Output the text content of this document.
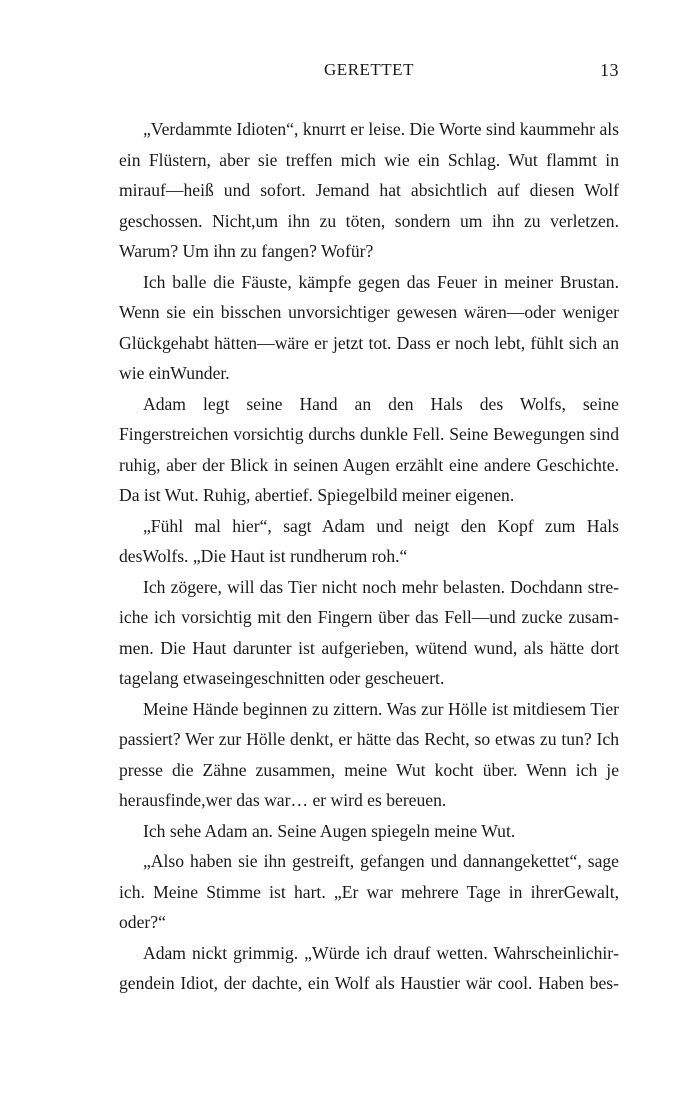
GERETTET	13

„Verdammte Idioten“, knurrt er leise. Die Worte sind kaummehr als ein Flüstern, aber sie treffen mich wie ein Schlag. Wut flammt in mirauf—heiß und sofort. Jemand hat absichtlich auf diesen Wolf geschossen. Nicht,um ihn zu töten, sondern um ihn zu verletzen. Warum? Um ihn zu fangen? Wofür?

Ich balle die Fäuste, kämpfe gegen das Feuer in meiner Brustan. Wenn sie ein bisschen unvorsichtiger gewesen wären—oder weniger Glückgehabt hätten—wäre er jetzt tot. Dass er noch lebt, fühlt sich an wie einWunder.

Adam legt seine Hand an den Hals des Wolfs, seine Fingerstreichen vorsichtig durchs dunkle Fell. Seine Bewegungen sind ruhig, aber der Blick in seinen Augen erzählt eine andere Geschichte. Da ist Wut. Ruhig, abertief. Spiegelbild meiner eigenen.

„Fühl mal hier“, sagt Adam und neigt den Kopf zum Hals desWolfs. „Die Haut ist rundherum roh.“

Ich zögere, will das Tier nicht noch mehr belasten. Dochdann streiche ich vorsichtig mit den Fingern über das Fell—und zucke zusammen. Die Haut darunter ist aufgerieben, wütend wund, als hätte dort tagelang etwaseingeschnitten oder gescheuert.

Meine Hände beginnen zu zittern. Was zur Hölle ist mitdiesem Tier passiert? Wer zur Hölle denkt, er hätte das Recht, so etwas zu tun? Ich presse die Zähne zusammen, meine Wut kocht über. Wenn ich je herausfinde,wer das war… er wird es bereuen.

Ich sehe Adam an. Seine Augen spiegeln meine Wut.

„Also haben sie ihn gestreift, gefangen und dannangekettet“, sage ich. Meine Stimme ist hart. „Er war mehrere Tage in ihrerGewalt, oder?“

Adam nickt grimmig. „Würde ich drauf wetten. Wahrscheinlichirgendein Idiot, der dachte, ein Wolf als Haustier wär cool. Haben bes-
